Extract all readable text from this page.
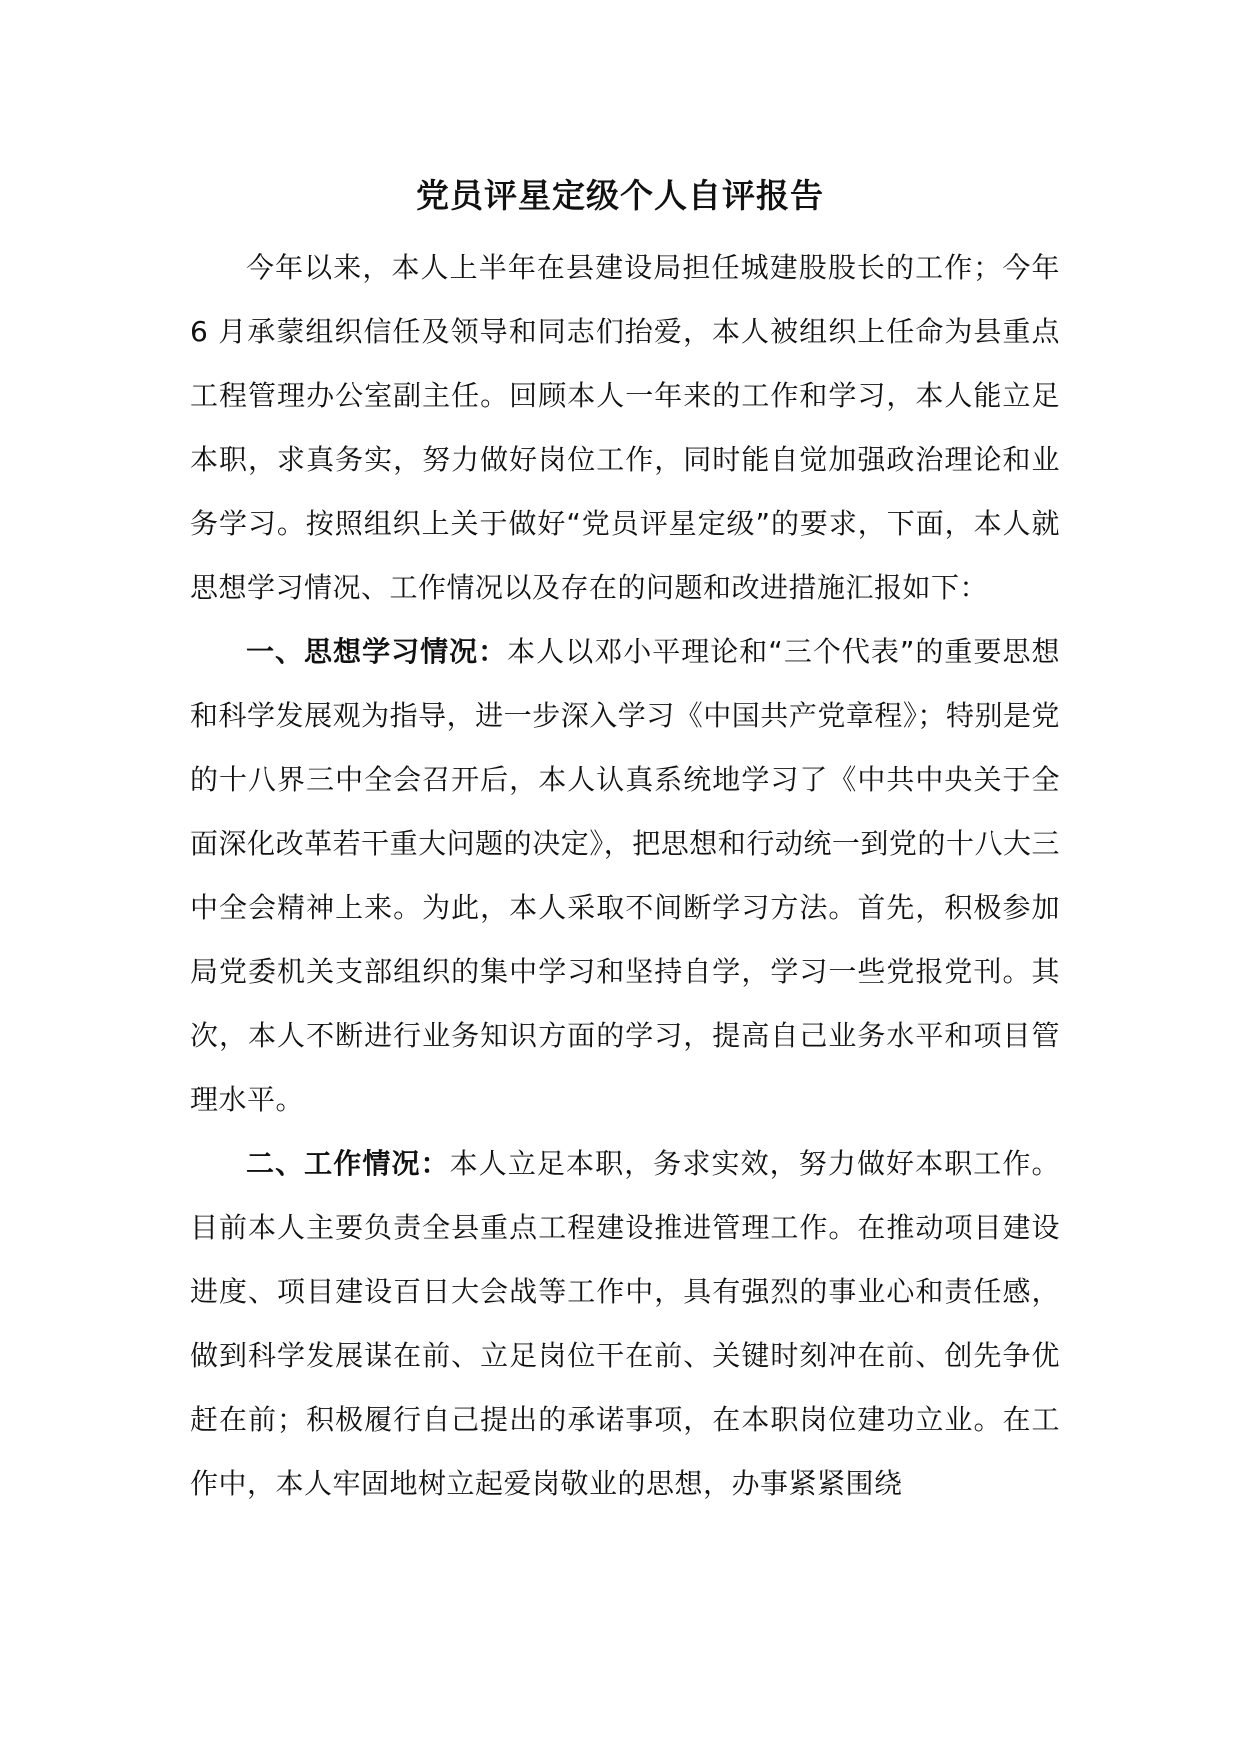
党员评星定级个人自评报告

今年以来，本人上半年在县建设局担任城建股股长的工作；今年 6 月承蒙组织信任及领导和同志们抬爱，本人被组织上任命为县重点工程管理办公室副主任。回顾本人一年来的工作和学习，本人能立足本职，求真务实，努力做好岗位工作，同时能自觉加强政治理论和业务学习。按照组织上关于做好“党员评星定级”的要求，下面，本人就思想学习情况、工作情况以及存在的问题和改进措施汇报如下：

一、思想学习情况：本人以邓小平理论和“三个代表”的重要思想和科学发展观为指导，进一步深入学习《中国共产党章程》；特别是党的十八界三中全会召开后，本人认真系统地学习了《中共中央关于全面深化改革若干重大问题的决定》，把思想和行动统一到党的十八大三中全会精神上来。为此，本人采取不间断学习方法。首先，积极参加局党委机关支部组织的集中学习和坚持自学，学习一些党报党刊。其次，本人不断进行业务知识方面的学习，提高自己业务水平和项目管理水平。

二、工作情况：本人立足本职，务求实效，努力做好本职工作。目前本人主要负责全县重点工程建设推进管理工作。在推动项目建设进度、项目建设百日大会战等工作中，具有强烈的事业心和责任感，做到科学发展谋在前、立足岗位干在前、关键时刻冲在前、创先争优赶在前；积极履行自己提出的承诺事项，在本职岗位建功立业。在工作中，本人牢固地树立起爱岗敬业的思想，办事紧紧围绕
